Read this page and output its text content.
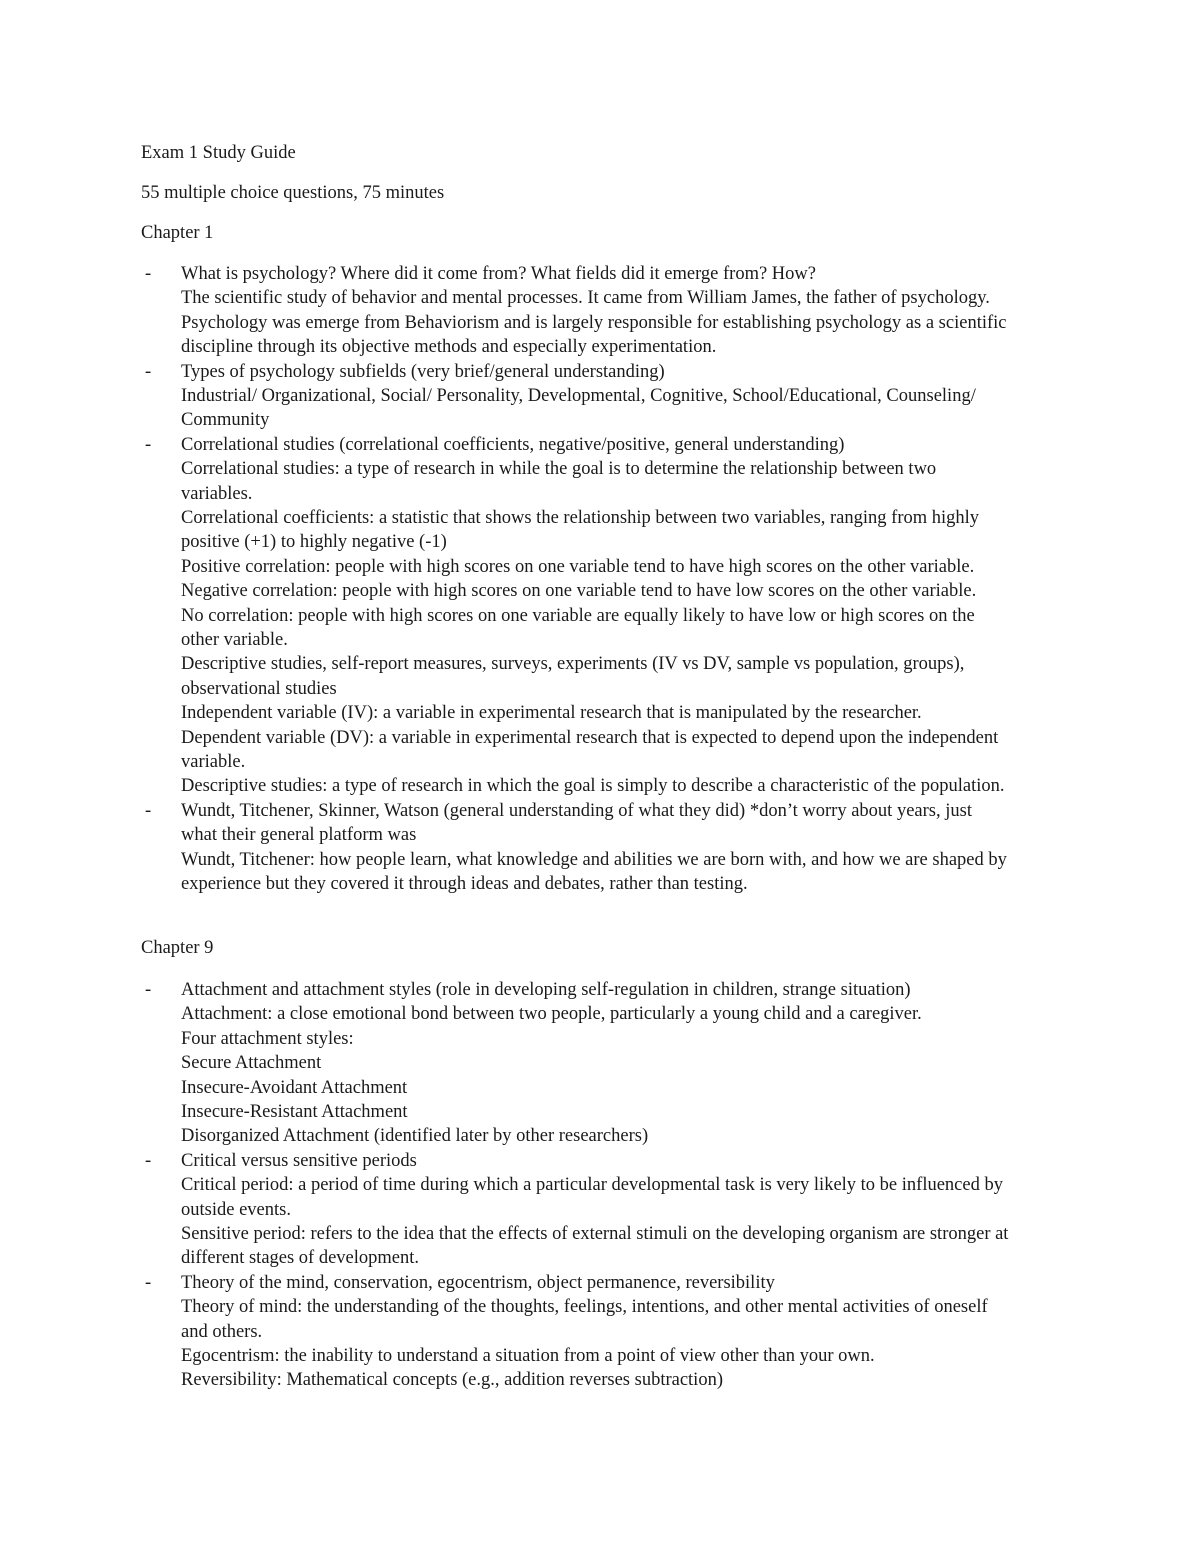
Exam 1 Study Guide
55 multiple choice questions, 75 minutes
Chapter 1
- What is psychology? Where did it come from? What fields did it emerge from? How?
The scientific study of behavior and mental processes. It came from William James, the father of psychology.
Psychology was emerge from Behaviorism and is largely responsible for establishing psychology as a scientific
discipline through its objective methods and especially experimentation.
- Types of psychology subfields (very brief/general understanding)
Industrial/ Organizational, Social/ Personality, Developmental, Cognitive, School/Educational, Counseling/
Community
- Correlational studies (correlational coefficients, negative/positive, general understanding)
Correlational studies: a type of research in while the goal is to determine the relationship between two
variables.
Correlational coefficients: a statistic that shows the relationship between two variables, ranging from highly
positive (+1) to highly negative (-1)
Positive correlation: people with high scores on one variable tend to have high scores on the other variable.
Negative correlation: people with high scores on one variable tend to have low scores on the other variable.
No correlation: people with high scores on one variable are equally likely to have low or high scores on the
other variable.
Descriptive studies, self-report measures, surveys, experiments (IV vs DV, sample vs population, groups),
observational studies
Independent variable (IV): a variable in experimental research that is manipulated by the researcher.
Dependent variable (DV): a variable in experimental research that is expected to depend upon the independent
variable.
Descriptive studies: a type of research in which the goal is simply to describe a characteristic of the population.
- Wundt, Titchener, Skinner, Watson (general understanding of what they did) *don’t worry about years, just
what their general platform was
Wundt, Titchener: how people learn, what knowledge and abilities we are born with, and how we are shaped by
experience but they covered it through ideas and debates, rather than testing.
Chapter 9
- Attachment and attachment styles (role in developing self-regulation in children, strange situation)
Attachment: a close emotional bond between two people, particularly a young child and a caregiver.
Four attachment styles:
Secure Attachment
Insecure-Avoidant Attachment
Insecure-Resistant Attachment
Disorganized Attachment (identified later by other researchers)
- Critical versus sensitive periods
Critical period: a period of time during which a particular developmental task is very likely to be influenced by
outside events.
Sensitive period: refers to the idea that the effects of external stimuli on the developing organism are stronger at
different stages of development.
- Theory of the mind, conservation, egocentrism, object permanence, reversibility
Theory of mind: the understanding of the thoughts, feelings, intentions, and other mental activities of oneself
and others.
Egocentrism: the inability to understand a situation from a point of view other than your own.
Reversibility: Mathematical concepts (e.g., addition reverses subtraction)
